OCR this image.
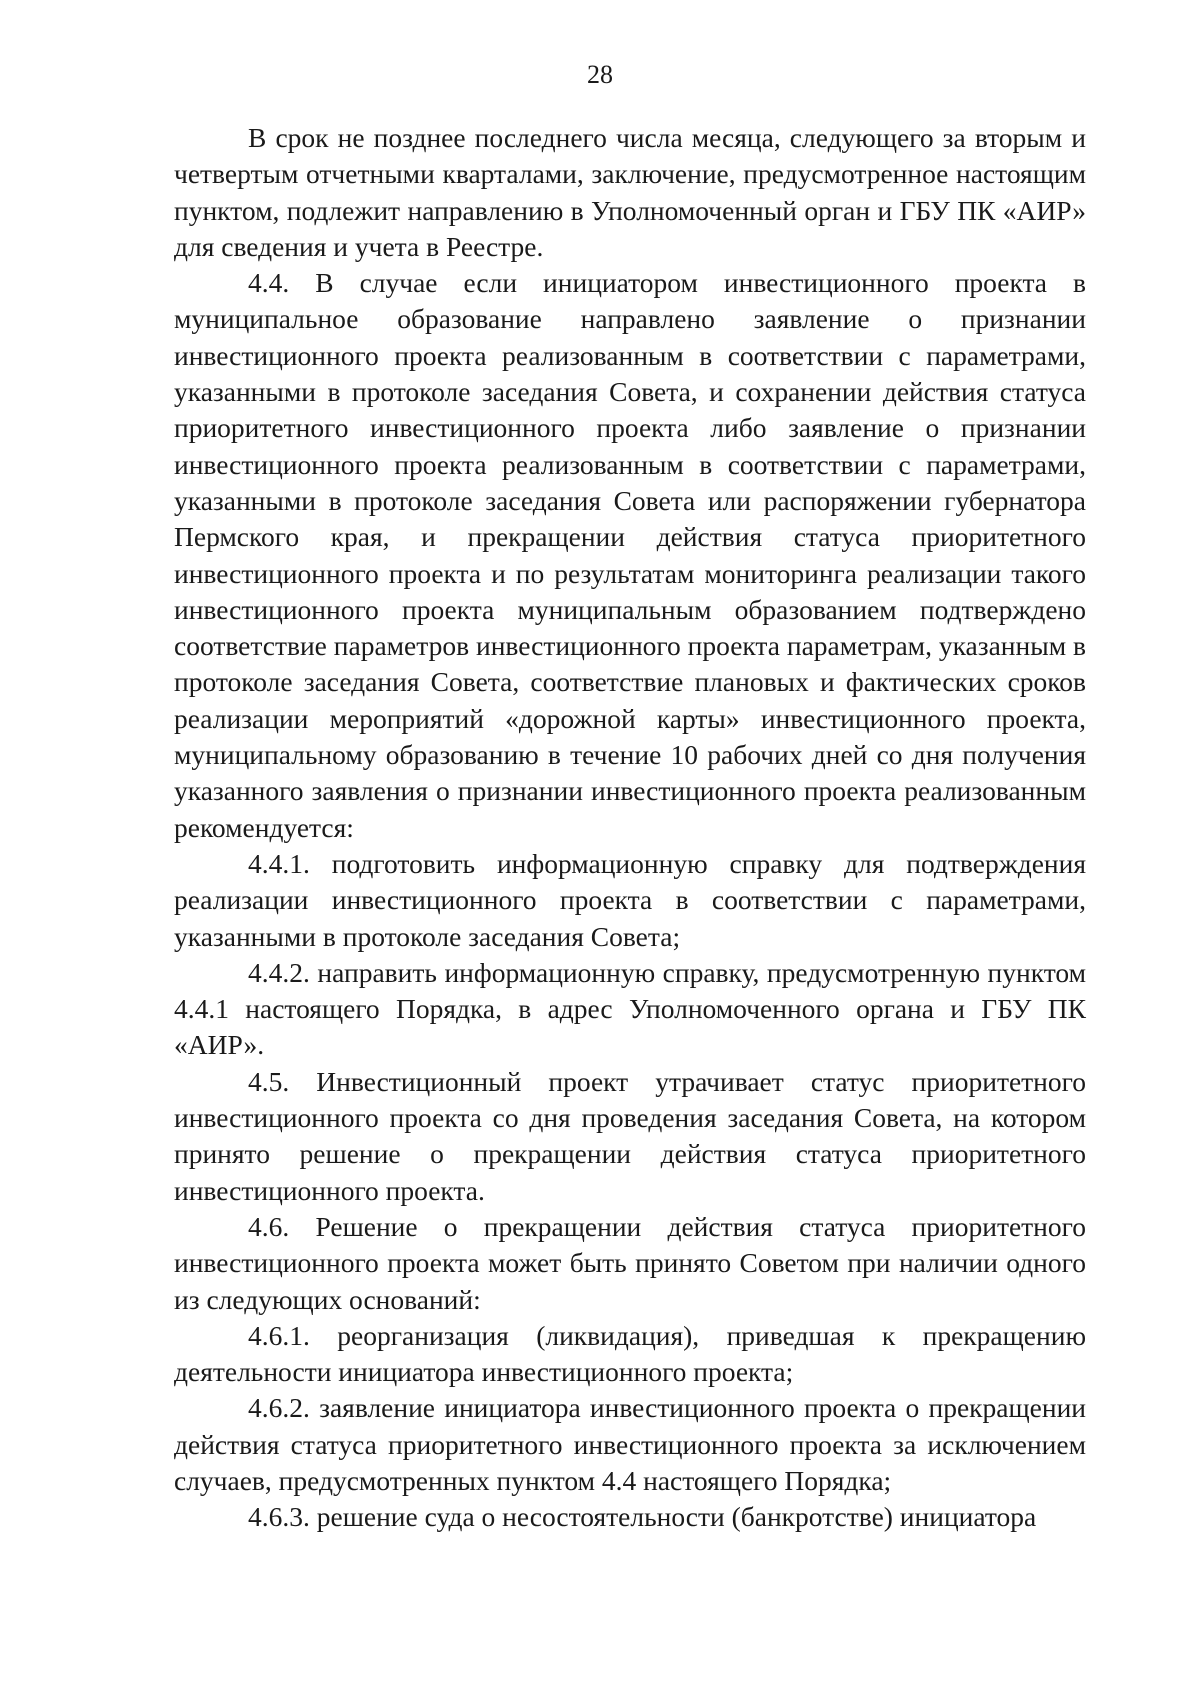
28

В срок не позднее последнего числа месяца, следующего за вторым и четвертым отчетными кварталами, заключение, предусмотренное настоящим пунктом, подлежит направлению в Уполномоченный орган и ГБУ ПК «АИР» для сведения и учета в Реестре.

4.4. В случае если инициатором инвестиционного проекта в муниципальное образование направлено заявление о признании инвестиционного проекта реализованным в соответствии с параметрами, указанными в протоколе заседания Совета, и сохранении действия статуса приоритетного инвестиционного проекта либо заявление о признании инвестиционного проекта реализованным в соответствии с параметрами, указанными в протоколе заседания Совета или распоряжении губернатора Пермского края, и прекращении действия статуса приоритетного инвестиционного проекта и по результатам мониторинга реализации такого инвестиционного проекта муниципальным образованием подтверждено соответствие параметров инвестиционного проекта параметрам, указанным в протоколе заседания Совета, соответствие плановых и фактических сроков реализации мероприятий «дорожной карты» инвестиционного проекта, муниципальному образованию в течение 10 рабочих дней со дня получения указанного заявления о признании инвестиционного проекта реализованным рекомендуется:

4.4.1. подготовить информационную справку для подтверждения реализации инвестиционного проекта в соответствии с параметрами, указанными в протоколе заседания Совета;

4.4.2. направить информационную справку, предусмотренную пунктом 4.4.1 настоящего Порядка, в адрес Уполномоченного органа и ГБУ ПК «АИР».

4.5. Инвестиционный проект утрачивает статус приоритетного инвестиционного проекта со дня проведения заседания Совета, на котором принято решение о прекращении действия статуса приоритетного инвестиционного проекта.

4.6. Решение о прекращении действия статуса приоритетного инвестиционного проекта может быть принято Советом при наличии одного из следующих оснований:

4.6.1. реорганизация (ликвидация), приведшая к прекращению деятельности инициатора инвестиционного проекта;

4.6.2. заявление инициатора инвестиционного проекта о прекращении действия статуса приоритетного инвестиционного проекта за исключением случаев, предусмотренных пунктом 4.4 настоящего Порядка;

4.6.3. решение суда о несостоятельности (банкротстве) инициатора
